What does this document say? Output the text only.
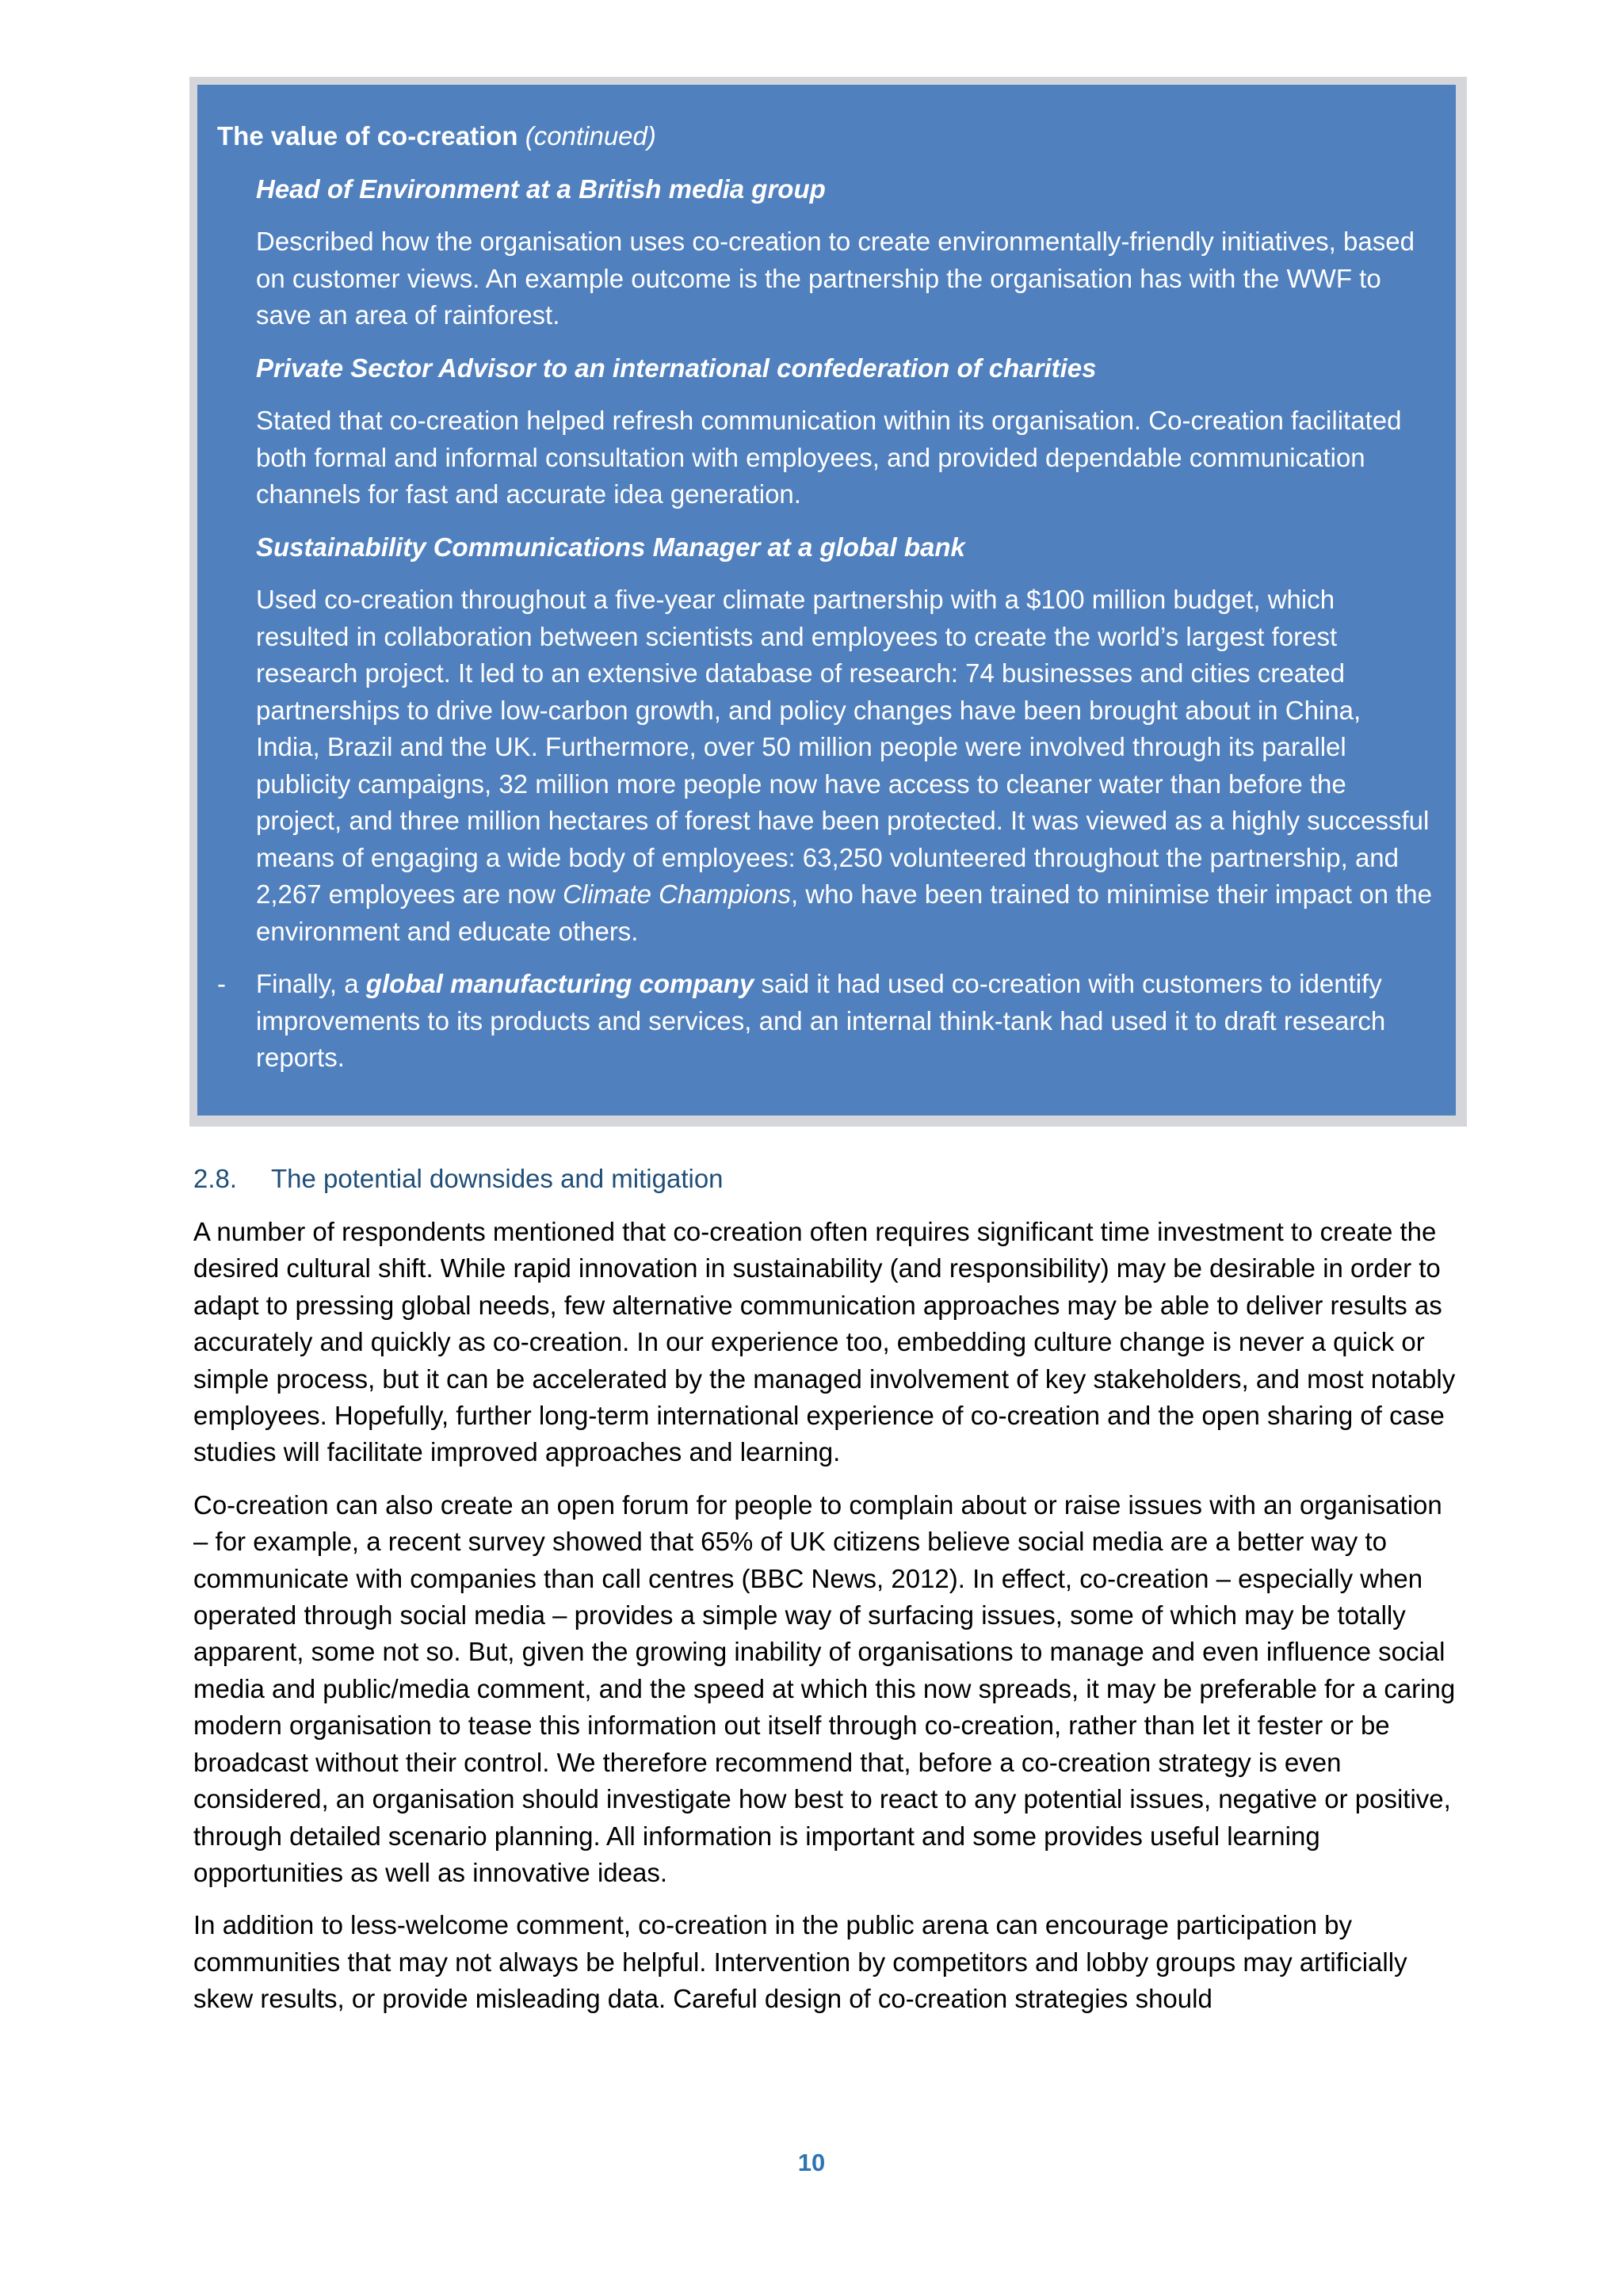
The value of co-creation (continued)

Head of Environment at a British media group

Described how the organisation uses co-creation to create environmentally-friendly initiatives, based on customer views. An example outcome is the partnership the organisation has with the WWF to save an area of rainforest.

Private Sector Advisor to an international confederation of charities

Stated that co-creation helped refresh communication within its organisation. Co-creation facilitated both formal and informal consultation with employees, and provided dependable communication channels for fast and accurate idea generation.

Sustainability Communications Manager at a global bank

Used co-creation throughout a five-year climate partnership with a $100 million budget, which resulted in collaboration between scientists and employees to create the world’s largest forest research project. It led to an extensive database of research: 74 businesses and cities created partnerships to drive low-carbon growth, and policy changes have been brought about in China, India, Brazil and the UK. Furthermore, over 50 million people were involved through its parallel publicity campaigns, 32 million more people now have access to cleaner water than before the project, and three million hectares of forest have been protected. It was viewed as a highly successful means of engaging a wide body of employees: 63,250 volunteered throughout the partnership, and 2,267 employees are now Climate Champions, who have been trained to minimise their impact on the environment and educate others.

- Finally, a global manufacturing company said it had used co-creation with customers to identify improvements to its products and services, and an internal think-tank had used it to draft research reports.

2.8. The potential downsides and mitigation

A number of respondents mentioned that co-creation often requires significant time investment to create the desired cultural shift. While rapid innovation in sustainability (and responsibility) may be desirable in order to adapt to pressing global needs, few alternative communication approaches may be able to deliver results as accurately and quickly as co-creation. In our experience too, embedding culture change is never a quick or simple process, but it can be accelerated by the managed involvement of key stakeholders, and most notably employees. Hopefully, further long-term international experience of co-creation and the open sharing of case studies will facilitate improved approaches and learning.

Co-creation can also create an open forum for people to complain about or raise issues with an organisation – for example, a recent survey showed that 65% of UK citizens believe social media are a better way to communicate with companies than call centres (BBC News, 2012). In effect, co-creation – especially when operated through social media – provides a simple way of surfacing issues, some of which may be totally apparent, some not so. But, given the growing inability of organisations to manage and even influence social media and public/media comment, and the speed at which this now spreads, it may be preferable for a caring modern organisation to tease this information out itself through co-creation, rather than let it fester or be broadcast without their control. We therefore recommend that, before a co-creation strategy is even considered, an organisation should investigate how best to react to any potential issues, negative or positive, through detailed scenario planning. All information is important and some provides useful learning opportunities as well as innovative ideas.

In addition to less-welcome comment, co-creation in the public arena can encourage participation by communities that may not always be helpful. Intervention by competitors and lobby groups may artificially skew results, or provide misleading data. Careful design of co-creation strategies should

10
